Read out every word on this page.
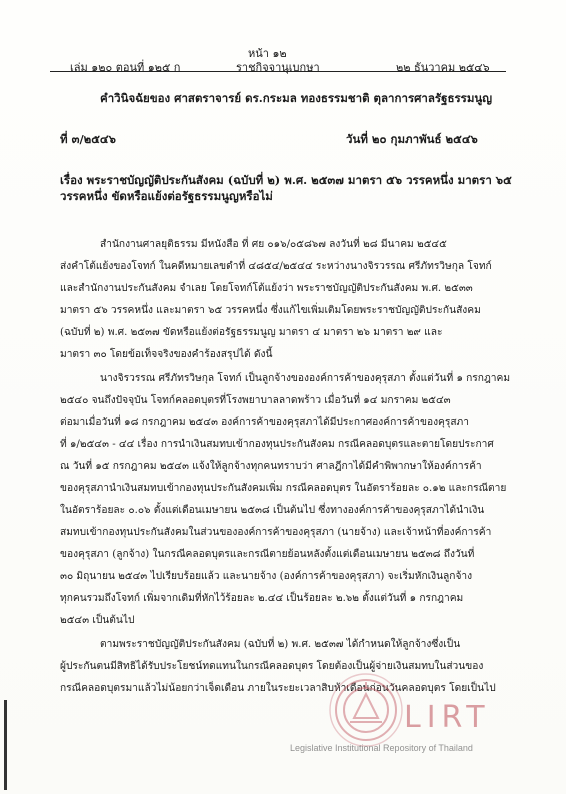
หน้า ๑๒
เล่ม ๑๒๐ ตอนที่ ๑๒๕ ก	ราชกิจจานุเบกษา	๒๒ ธันวาคม ๒๕๔๖
คำวินิจฉัยของ ศาสตราจารย์ ดร.กระมล ทองธรรมชาติ ตุลาการศาลรัฐธรรมนูญ
ที่ ๓/๒๕๔๖	วันที่ ๒๐ กุมภาพันธ์ ๒๕๔๖
เรื่อง พระราชบัญญัติประกันสังคม (ฉบับที่ ๒) พ.ศ. ๒๕๓๗ มาตรา ๕๖ วรรคหนึ่ง มาตรา ๖๕
วรรคหนึ่ง ขัดหรือแย้งต่อรัฐธรรมนูญหรือไม่
สำนักงานศาลยุติธรรม มีหนังสือ ที่ ศย ๐๑๖/๐๕๘๖๗ ลงวันที่ ๒๘ มีนาคม ๒๕๔๕
ส่งคำโต้แย้งของโจทก์ ในคดีหมายเลขดำที่ ๔๘๕๔/๒๕๔๔ ระหว่างนางจิรวรรณ ศรีภัทรวิษกุล โจทก์
และสำนักงานประกันสังคม จำเลย โดยโจทก์โต้แย้งว่า พระราชบัญญัติประกันสังคม พ.ศ. ๒๕๓๓
มาตรา ๕๖ วรรคหนึ่ง และมาตรา ๖๕ วรรคหนึ่ง ซึ่งแก้ไขเพิ่มเติมโดยพระราชบัญญัติประกันสังคม
(ฉบับที่ ๒) พ.ศ. ๒๕๓๗ ขัดหรือแย้งต่อรัฐธรรมนูญ มาตรา ๔ มาตรา ๒๖ มาตรา ๒๙ และ
มาตรา ๓๐ โดยข้อเท็จจริงของคำร้องสรุปได้ ดังนี้
นางจิรวรรณ ศรีภัทรวิษกุล โจทก์ เป็นลูกจ้างขององค์การค้าของคุรุสภา ตั้งแต่วันที่ ๑ กรกฎาคม
๒๕๔๐ จนถึงปัจจุบัน โจทก์คลอดบุตรที่โรงพยาบาลลาดพร้าว เมื่อวันที่ ๑๔ มกราคม ๒๕๔๓
ต่อมาเมื่อวันที่ ๑๘ กรกฎาคม ๒๕๔๓ องค์การค้าของคุรุสภาได้มีประกาศองค์การค้าของคุรุสภา
ที่ ๑/๒๕๔๓ - ๔๔ เรื่อง การนำเงินสมทบเข้ากองทุนประกันสังคม กรณีคลอดบุตรและตายโดยประกาศ
ณ วันที่ ๑๕ กรกฎาคม ๒๕๔๓ แจ้งให้ลูกจ้างทุกคนทราบว่า ศาลฎีกาได้มีคำพิพากษาให้องค์การค้า
ของคุรุสภานำเงินสมทบเข้ากองทุนประกันสังคมเพิ่ม กรณีคลอดบุตร ในอัตราร้อยละ ๐.๑๒ และกรณีตาย
ในอัตราร้อยละ ๐.๐๖ ตั้งแต่เดือนเมษายน ๒๕๓๘ เป็นต้นไป ซึ่งทางองค์การค้าของคุรุสภาได้นำเงิน
สมทบเข้ากองทุนประกันสังคมในส่วนขององค์การค้าของคุรุสภา (นายจ้าง) และเจ้าหน้าที่องค์การค้า
ของคุรุสภา (ลูกจ้าง) ในกรณีคลอดบุตรและกรณีตายย้อนหลังตั้งแต่เดือนเมษายน ๒๕๓๘ ถึงวันที่
๓๐ มิถุนายน ๒๕๔๓ ไปเรียบร้อยแล้ว และนายจ้าง (องค์การค้าของคุรุสภา) จะเริ่มหักเงินลูกจ้าง
ทุกคนรวมถึงโจทก์ เพิ่มจากเดิมที่หักไว้ร้อยละ ๒.๔๔ เป็นร้อยละ ๒.๖๒ ตั้งแต่วันที่ ๑ กรกฎาคม
๒๕๔๓ เป็นต้นไป
ตามพระราชบัญญัติประกันสังคม (ฉบับที่ ๒) พ.ศ. ๒๕๓๗ ได้กำหนดให้ลูกจ้างซึ่งเป็น
ผู้ประกันตนมีสิทธิได้รับประโยชน์ทดแทนในกรณีคลอดบุตร โดยต้องเป็นผู้จ่ายเงินสมทบในส่วนของ
กรณีคลอดบุตรมาแล้วไม่น้อยกว่าเจ็ดเดือน ภายในระยะเวลาสิบห้าเดือนก่อนวันคลอดบุตร โดยเป็นไป
LIRT
Legislative Institutional Repository of Thailand
